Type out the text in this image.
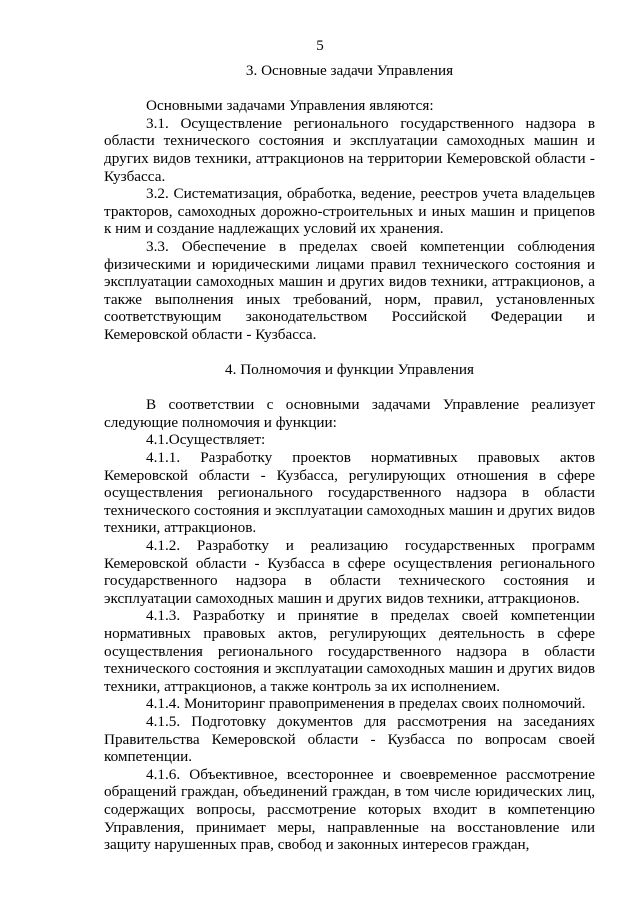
5
3. Основные задачи Управления

Основными задачами Управления являются:

3.1. Осуществление регионального государственного надзора в области технического состояния и эксплуатации самоходных машин и других видов техники, аттракционов на территории Кемеровской области - Кузбасса.

3.2. Систематизация, обработка, ведение, реестров учета владельцев тракторов, самоходных дорожно-строительных и иных машин и прицепов к ним и создание надлежащих условий их хранения.

3.3. Обеспечение в пределах своей компетенции соблюдения физическими и юридическими лицами правил технического состояния и эксплуатации самоходных машин и других видов техники, аттракционов, а также выполнения иных требований, норм, правил, установленных соответствующим законодательством Российской Федерации и Кемеровской области - Кузбасса.

4. Полномочия и функции Управления

В соответствии с основными задачами Управление реализует следующие полномочия и функции:

4.1.Осуществляет:

4.1.1. Разработку проектов нормативных правовых актов Кемеровской области - Кузбасса, регулирующих отношения в сфере осуществления регионального государственного надзора в области технического состояния и эксплуатации самоходных машин и других видов техники, аттракционов.

4.1.2. Разработку и реализацию государственных программ Кемеровской области - Кузбасса в сфере осуществления регионального государственного надзора в области технического состояния и эксплуатации самоходных машин и других видов техники, аттракционов.

4.1.3. Разработку и принятие в пределах своей компетенции нормативных правовых актов, регулирующих деятельность в сфере осуществления регионального государственного надзора в области технического состояния и эксплуатации самоходных машин и других видов техники, аттракционов, а также контроль за их исполнением.

4.1.4. Мониторинг правоприменения в пределах своих полномочий.

4.1.5. Подготовку документов для рассмотрения на заседаниях Правительства Кемеровской области - Кузбасса по вопросам своей компетенции.

4.1.6. Объективное, всестороннее и своевременное рассмотрение обращений граждан, объединений граждан, в том числе юридических лиц, содержащих вопросы, рассмотрение которых входит в компетенцию Управления, принимает меры, направленные на восстановление или защиту нарушенных прав, свобод и законных интересов граждан,
